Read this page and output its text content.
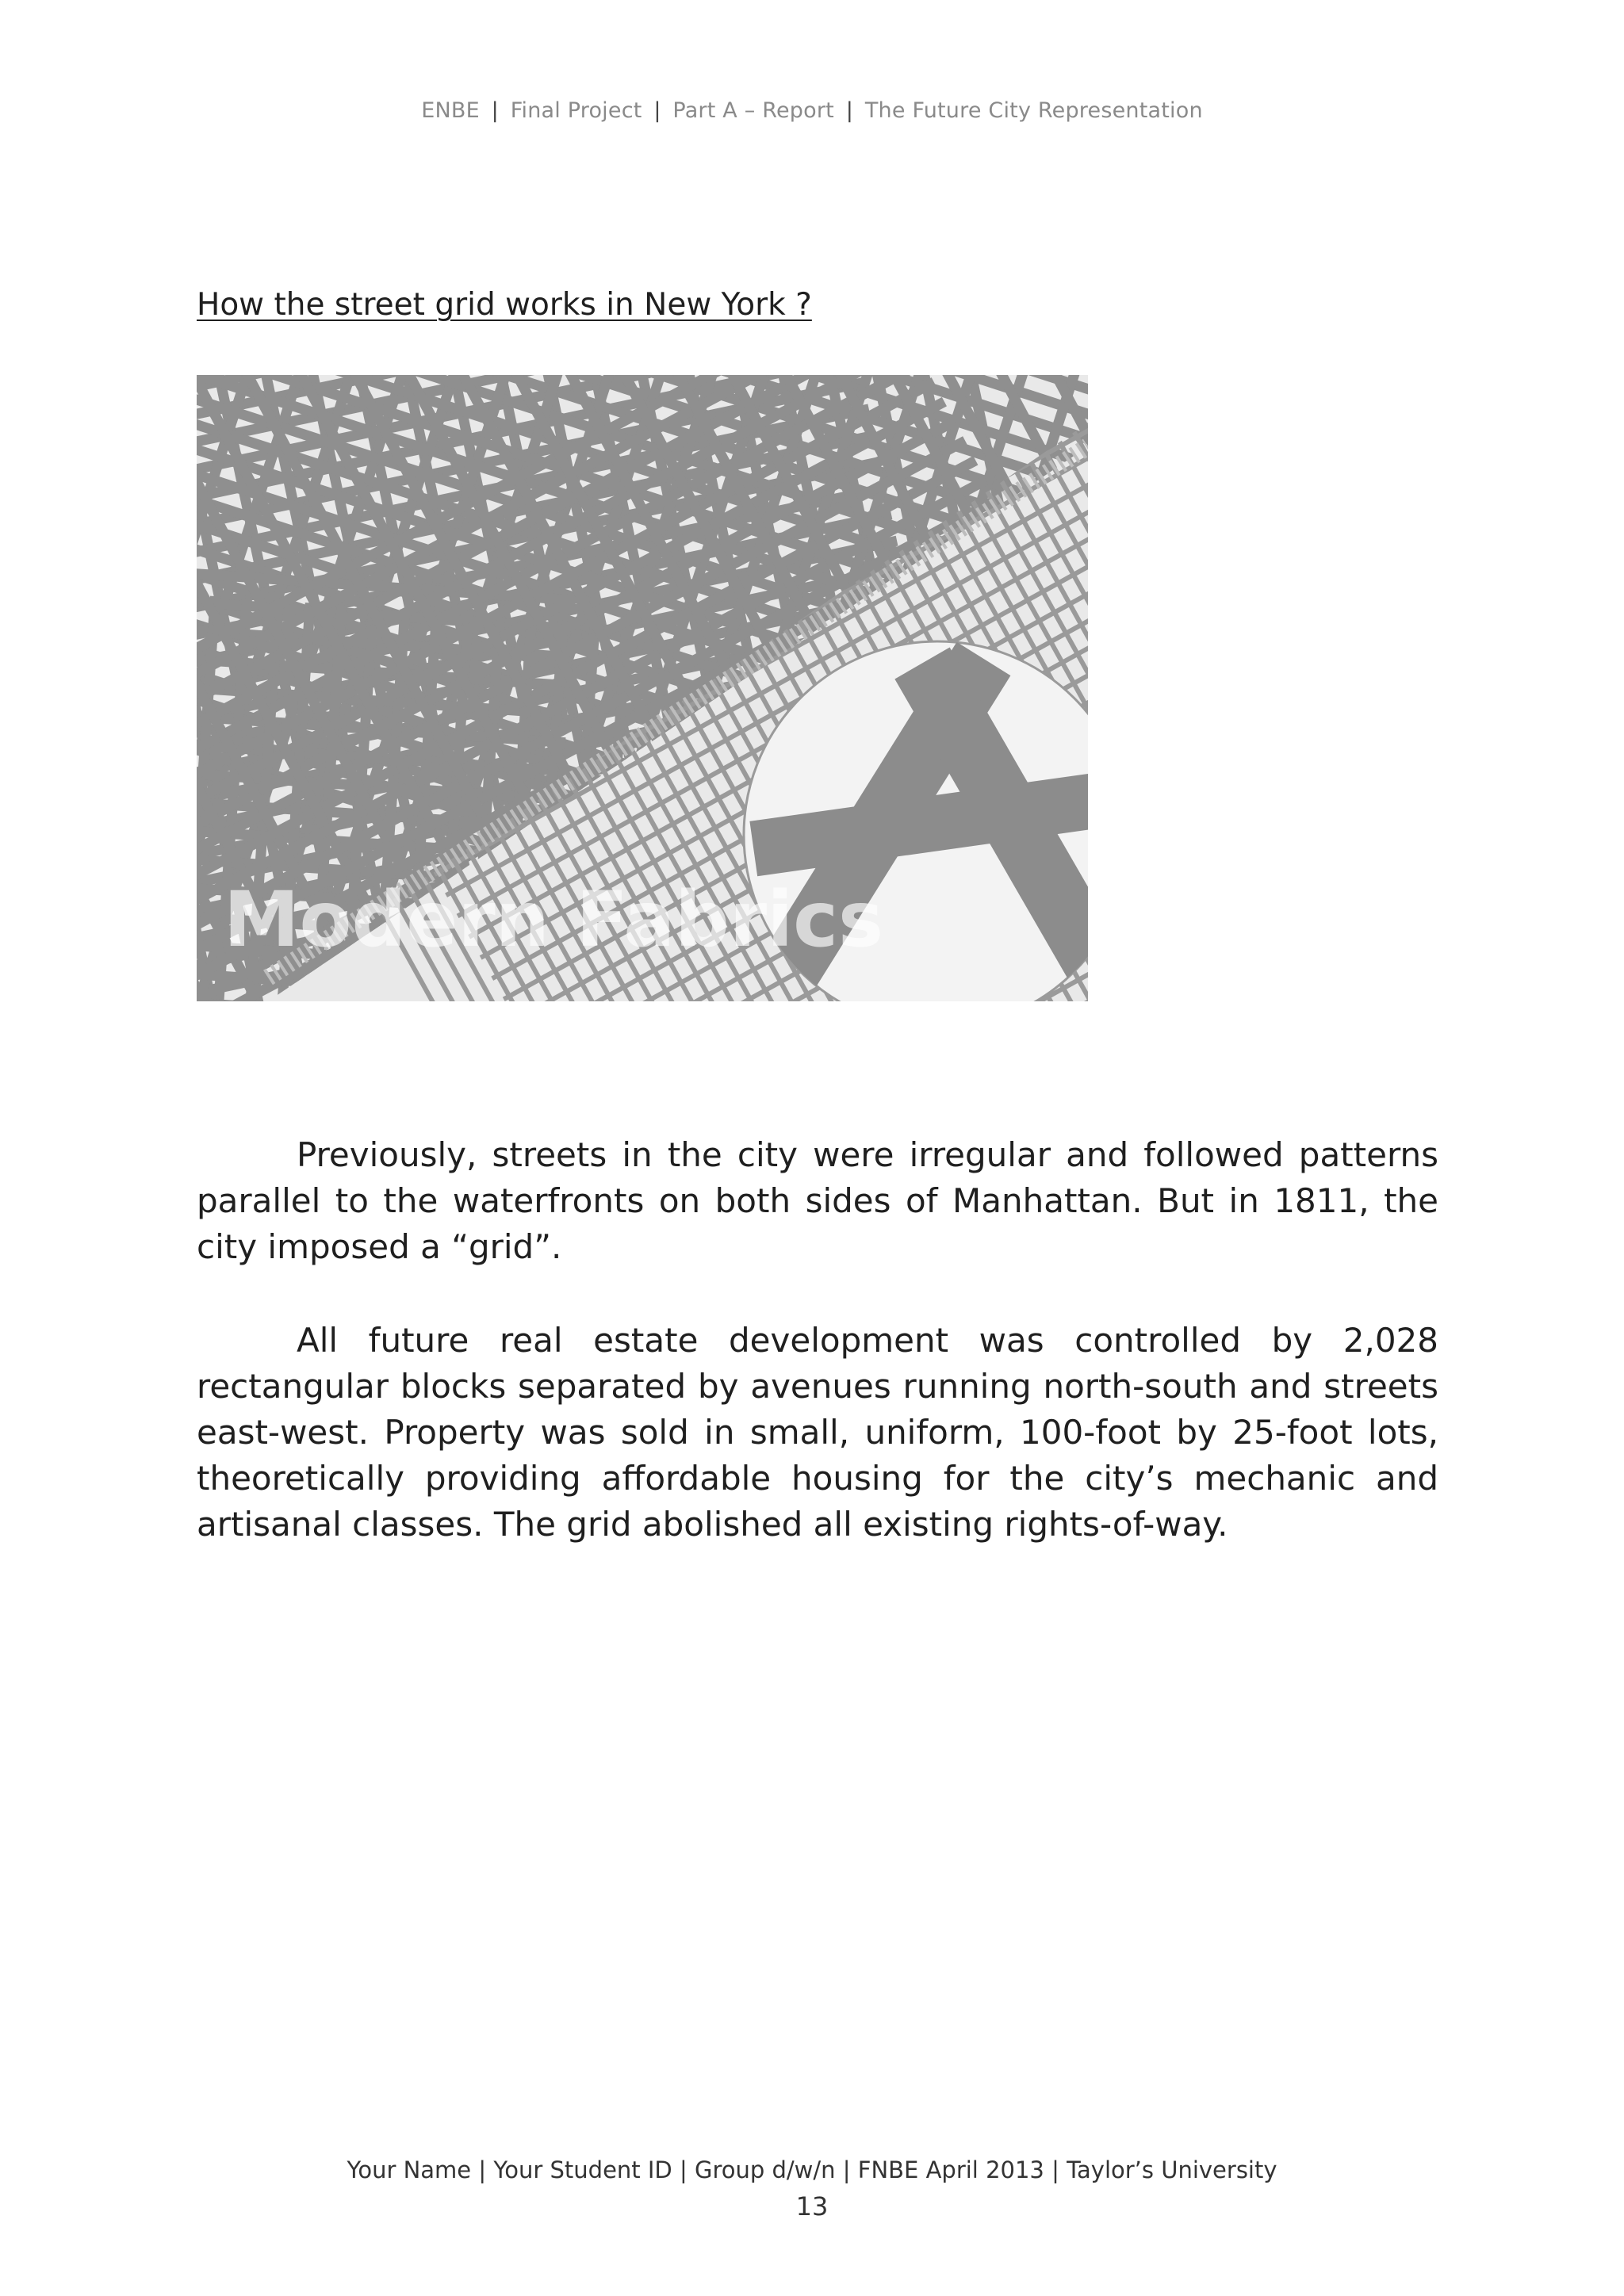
ENBE | Final Project | Part A – Report | The Future City Representation
How the street grid works in New York ?
Modern Fabrics

Previously, streets in the city were irregular and followed patterns parallel to the waterfronts on both sides of Manhattan. But in 1811, the city imposed a “grid”.

All future real estate development was controlled by 2,028 rectangular blocks separated by avenues running north-south and streets east-west. Property was sold in small, uniform, 100-foot by 25-foot lots, theoretically providing affordable housing for the city’s mechanic and artisanal classes. The grid abolished all existing rights-of-way.

Your Name | Your Student ID | Group d/w/n | FNBE April 2013 | Taylor’s University
13
